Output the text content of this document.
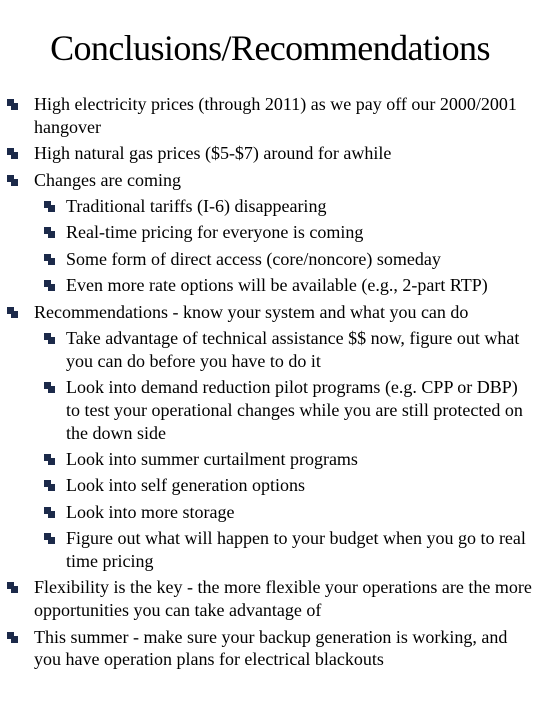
Conclusions/Recommendations
High electricity prices (through 2011) as we pay off our 2000/2001 hangover
High natural gas prices ($5-$7) around for awhile
Changes are coming
Traditional tariffs (I-6) disappearing
Real-time pricing for everyone is coming
Some form of direct access (core/noncore) someday
Even more rate options will be available (e.g., 2-part RTP)
Recommendations - know your system and what you can do
Take advantage of technical assistance $$ now, figure out what you can do before you have to do it
Look into demand reduction pilot programs (e.g. CPP or DBP) to test your operational changes while you are still protected on the down side
Look into summer curtailment programs
Look into self generation options
Look into more storage
Figure out what will happen to your budget when you go to real time pricing
Flexibility is the key - the more flexible your operations are the more opportunities you can take advantage of
This summer - make sure your backup generation is working, and you have operation plans for electrical blackouts
